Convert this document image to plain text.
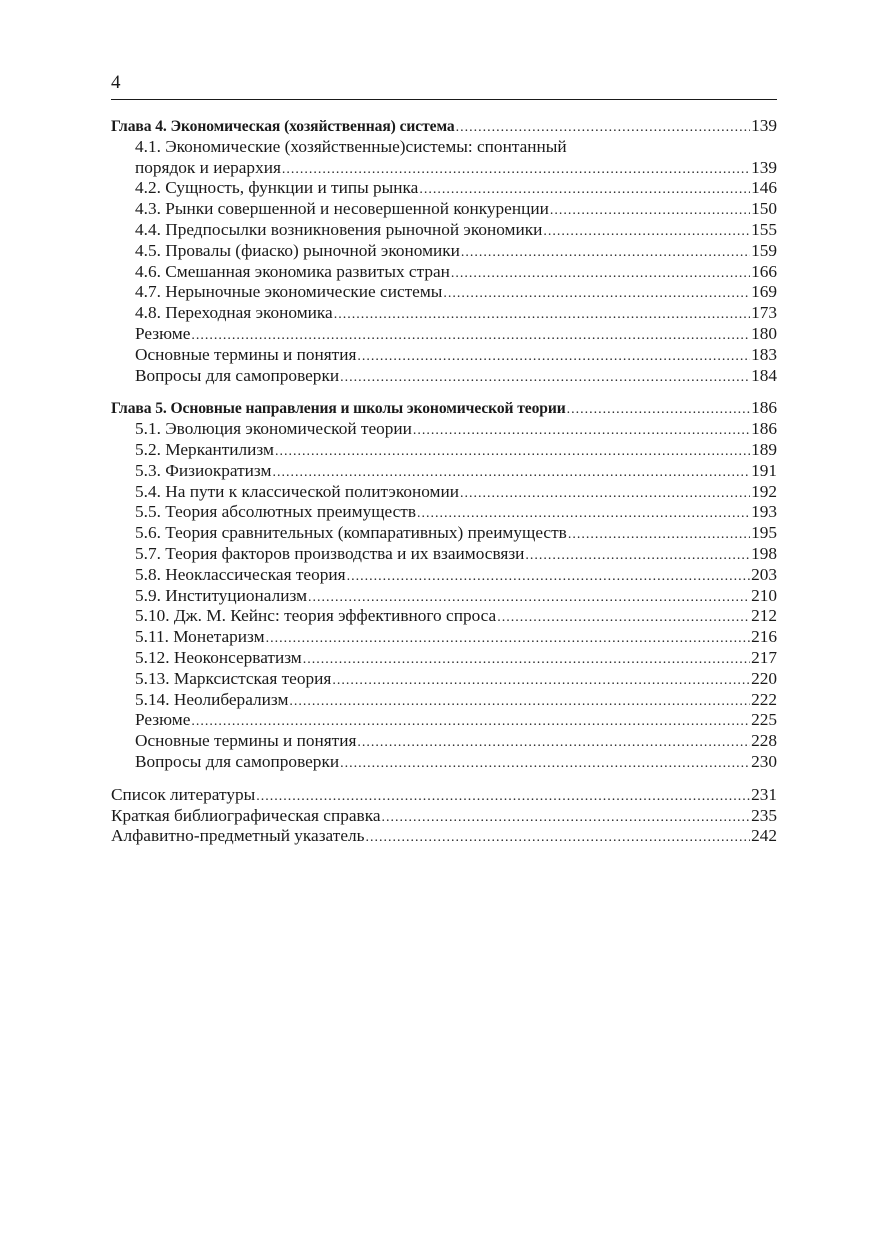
4
Глава 4. Экономическая (хозяйственная) система .....	139
4.1. Экономические (хозяйственные)системы: спонтанный
порядок и иерархия .....	139
4.2. Сущность, функции и типы рынка .....	146
4.3. Рынки совершенной и несовершенной конкуренции .....	150
4.4. Предпосылки возникновения рыночной экономики .....	155
4.5. Провалы (фиаско) рыночной экономики .....	159
4.6. Смешанная экономика развитых стран .....	166
4.7. Нерыночные экономические системы .....	169
4.8. Переходная экономика .....	173
Резюме .....	180
Основные термины и понятия .....	183
Вопросы для самопроверки .....	184
Глава 5. Основные направления и школы экономической теории .....	186
5.1. Эволюция экономической теории .....	186
5.2. Меркантилизм .....	189
5.3. Физиократизм .....	191
5.4. На пути к классической политэкономии .....	192
5.5. Теория абсолютных преимуществ .....	193
5.6. Теория сравнительных (компаративных) преимуществ .....	195
5.7. Теория факторов производства и их взаимосвязи .....	198
5.8. Неоклассическая теория .....	203
5.9. Институционализм .....	210
5.10. Дж. М. Кейнс: теория эффективного спроса .....	212
5.11. Монетаризм .....	216
5.12. Неоконсерватизм .....	217
5.13. Марксистская теория .....	220
5.14. Неолиберализм .....	222
Резюме .....	225
Основные термины и понятия .....	228
Вопросы для самопроверки .....	230
Список литературы .....	231
Краткая библиографическая справка .....	235
Алфавитно-предметный указатель .....	242
